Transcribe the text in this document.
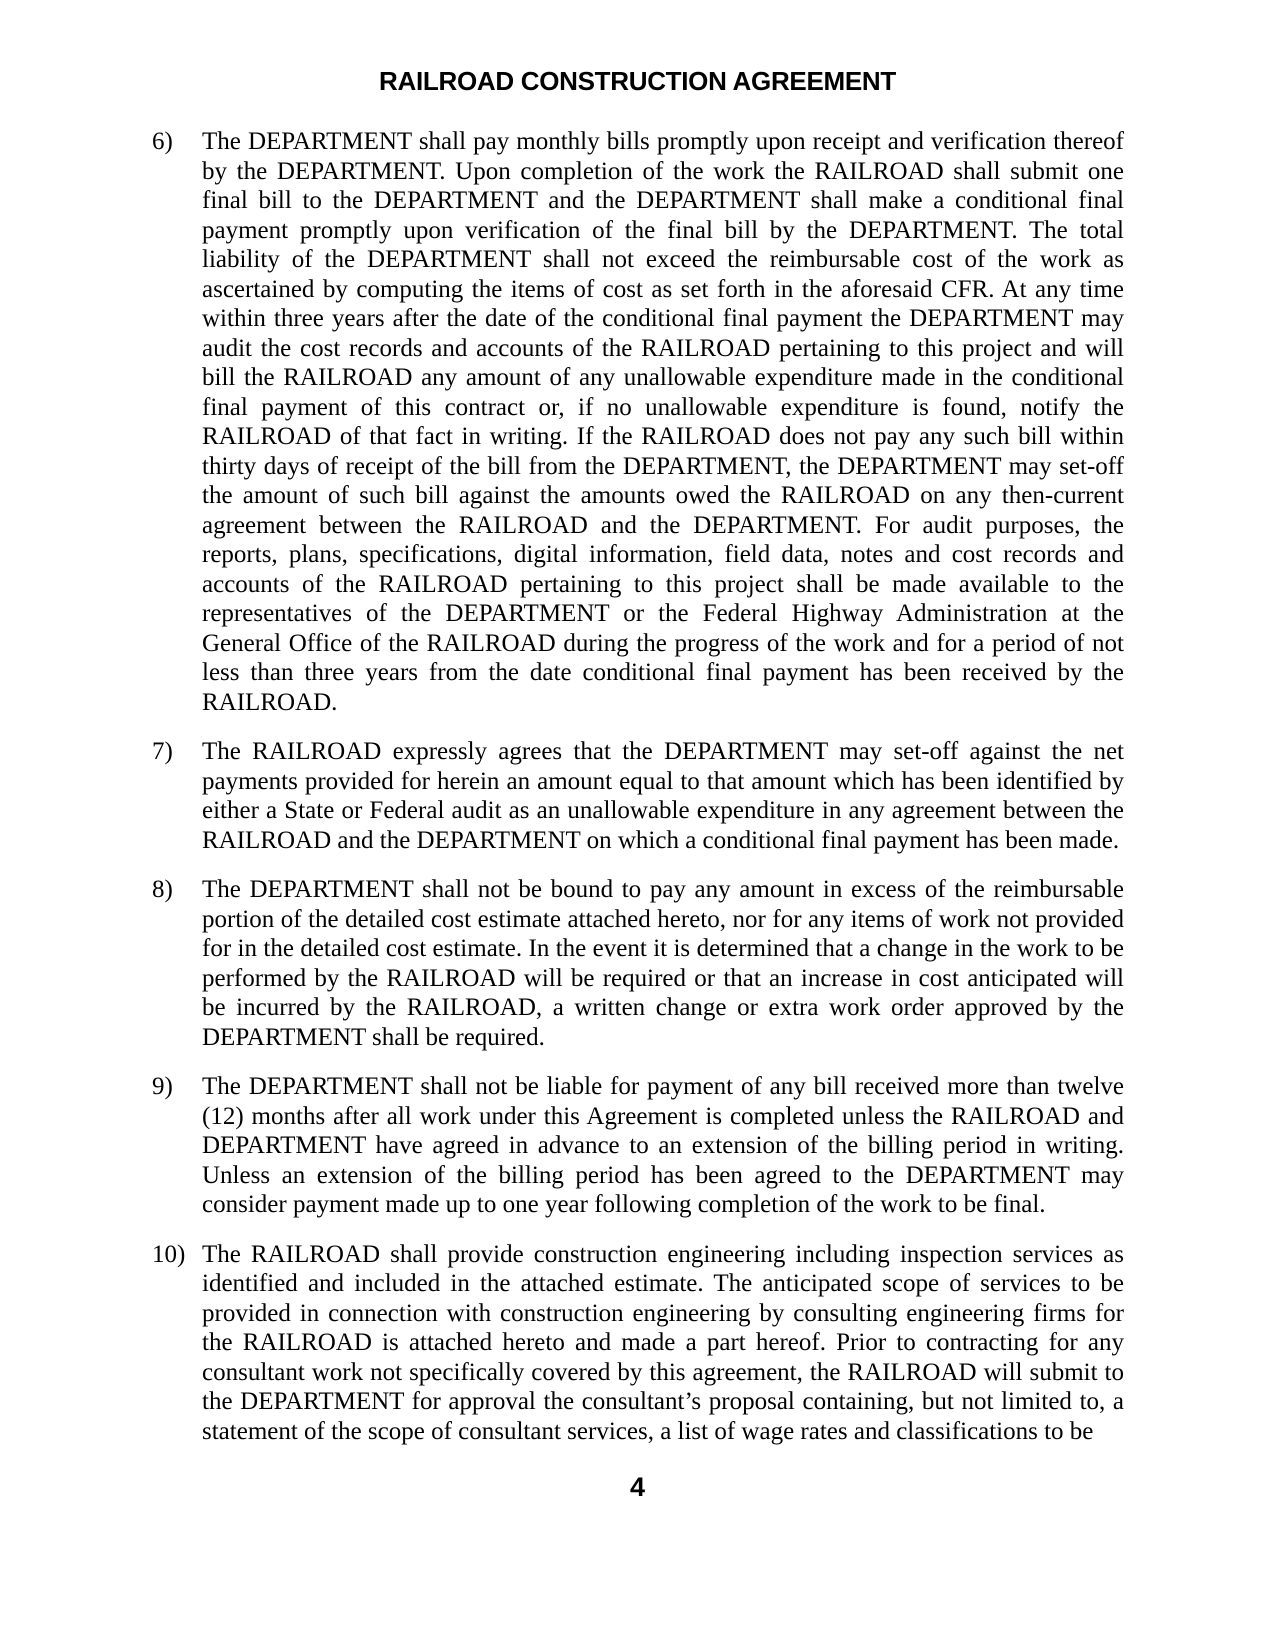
RAILROAD CONSTRUCTION AGREEMENT
6)	The DEPARTMENT shall pay monthly bills promptly upon receipt and verification thereof by the DEPARTMENT. Upon completion of the work the RAILROAD shall submit one final bill to the DEPARTMENT and the DEPARTMENT shall make a conditional final payment promptly upon verification of the final bill by the DEPARTMENT. The total liability of the DEPARTMENT shall not exceed the reimbursable cost of the work as ascertained by computing the items of cost as set forth in the aforesaid CFR. At any time within three years after the date of the conditional final payment the DEPARTMENT may audit the cost records and accounts of the RAILROAD pertaining to this project and will bill the RAILROAD any amount of any unallowable expenditure made in the conditional final payment of this contract or, if no unallowable expenditure is found, notify the RAILROAD of that fact in writing. If the RAILROAD does not pay any such bill within thirty days of receipt of the bill from the DEPARTMENT, the DEPARTMENT may set-off the amount of such bill against the amounts owed the RAILROAD on any then-current agreement between the RAILROAD and the DEPARTMENT. For audit purposes, the reports, plans, specifications, digital information, field data, notes and cost records and accounts of the RAILROAD pertaining to this project shall be made available to the representatives of the DEPARTMENT or the Federal Highway Administration at the General Office of the RAILROAD during the progress of the work and for a period of not less than three years from the date conditional final payment has been received by the RAILROAD.
7)	The RAILROAD expressly agrees that the DEPARTMENT may set-off against the net payments provided for herein an amount equal to that amount which has been identified by either a State or Federal audit as an unallowable expenditure in any agreement between the RAILROAD and the DEPARTMENT on which a conditional final payment has been made.
8)	The DEPARTMENT shall not be bound to pay any amount in excess of the reimbursable portion of the detailed cost estimate attached hereto, nor for any items of work not provided for in the detailed cost estimate. In the event it is determined that a change in the work to be performed by the RAILROAD will be required or that an increase in cost anticipated will be incurred by the RAILROAD, a written change or extra work order approved by the DEPARTMENT shall be required.
9)	The DEPARTMENT shall not be liable for payment of any bill received more than twelve (12) months after all work under this Agreement is completed unless the RAILROAD and DEPARTMENT have agreed in advance to an extension of the billing period in writing. Unless an extension of the billing period has been agreed to the DEPARTMENT may consider payment made up to one year following completion of the work to be final.
10) The RAILROAD shall provide construction engineering including inspection services as identified and included in the attached estimate. The anticipated scope of services to be provided in connection with construction engineering by consulting engineering firms for the RAILROAD is attached hereto and made a part hereof. Prior to contracting for any consultant work not specifically covered by this agreement, the RAILROAD will submit to the DEPARTMENT for approval the consultant’s proposal containing, but not limited to, a statement of the scope of consultant services, a list of wage rates and classifications to be
4
